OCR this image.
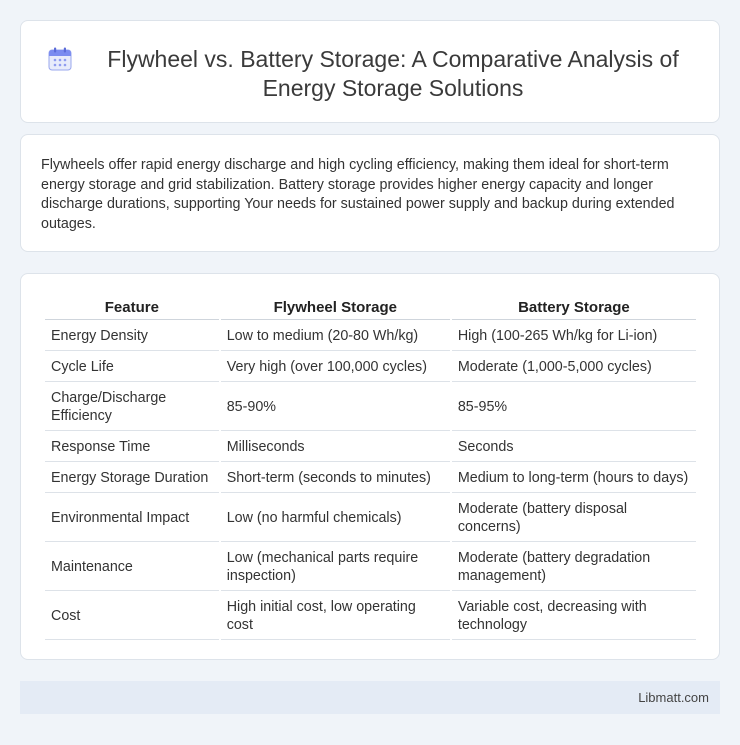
Flywheel vs. Battery Storage: A Comparative Analysis of Energy Storage Solutions

Flywheels offer rapid energy discharge and high cycling efficiency, making them ideal for short-term energy storage and grid stabilization. Battery storage provides higher energy capacity and longer discharge durations, supporting Your needs for sustained power supply and backup during extended outages.

Feature	Flywheel Storage	Battery Storage
Energy Density	Low to medium (20-80 Wh/kg)	High (100-265 Wh/kg for Li-ion)
Cycle Life	Very high (over 100,000 cycles)	Moderate (1,000-5,000 cycles)
Charge/Discharge Efficiency	85-90%	85-95%
Response Time	Milliseconds	Seconds
Energy Storage Duration	Short-term (seconds to minutes)	Medium to long-term (hours to days)
Environmental Impact	Low (no harmful chemicals)	Moderate (battery disposal concerns)
Maintenance	Low (mechanical parts require inspection)	Moderate (battery degradation management)
Cost	High initial cost, low operating cost	Variable cost, decreasing with technology
Libmatt.com
